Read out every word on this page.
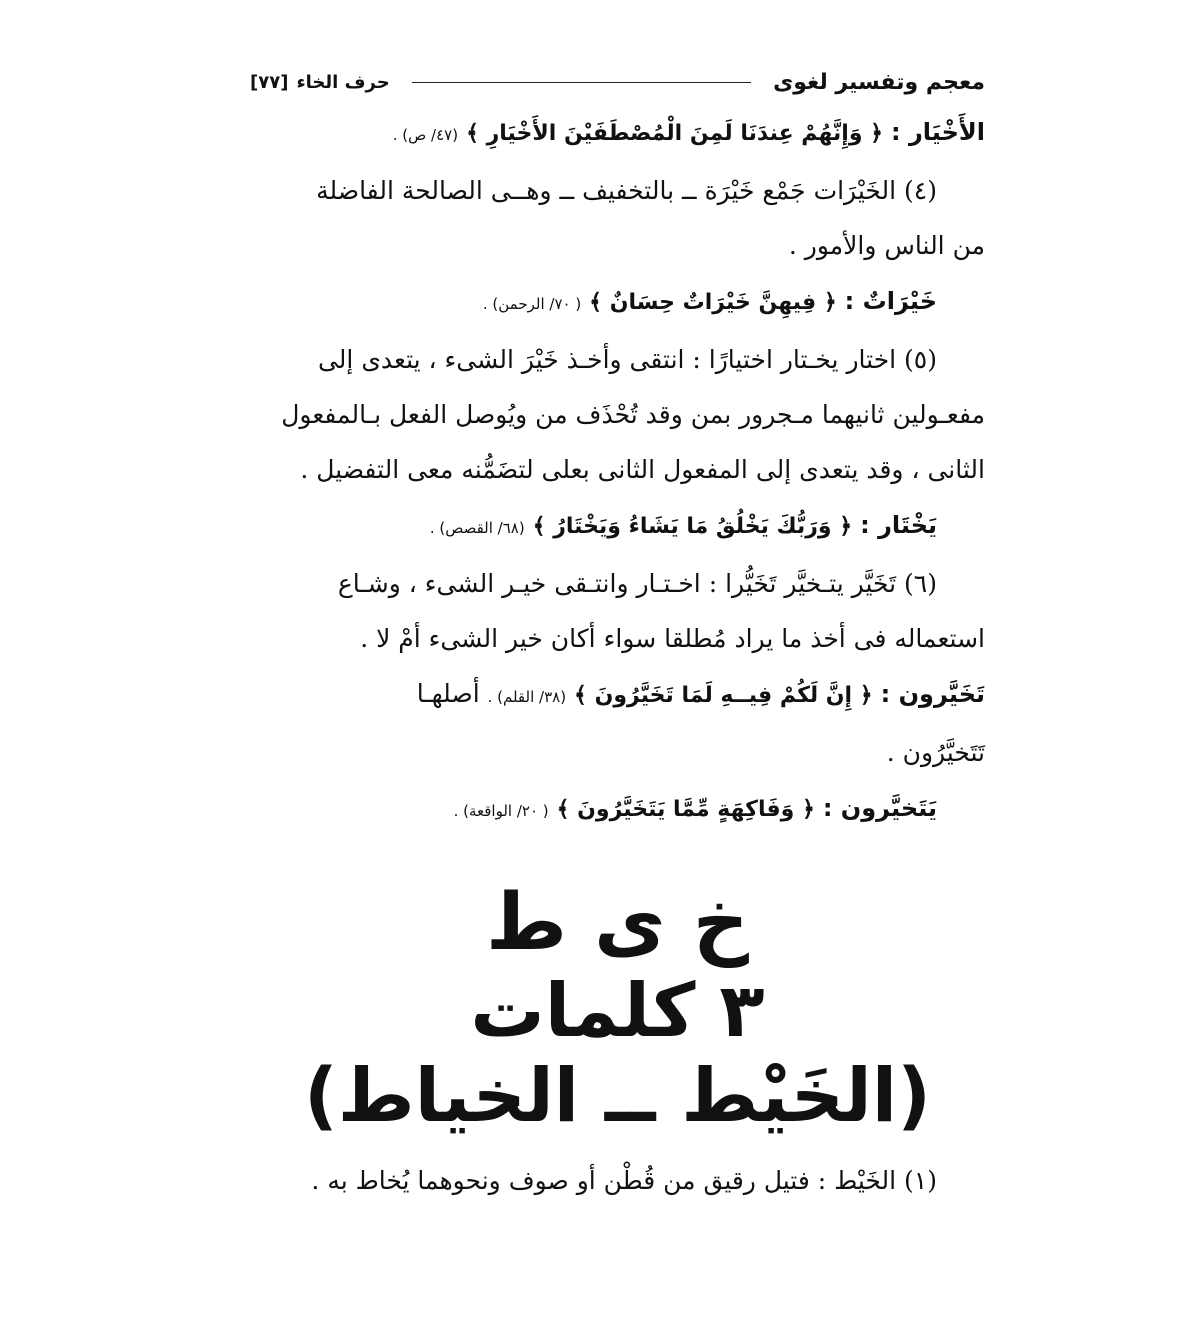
معجم وتفسير لغوى
حرف الخاء
[٧٧]

الأَخْيَار : ﴿ وَإِنَّهُمْ عِندَنَا لَمِنَ الْمُصْطَفَيْنَ الأَخْيَارِ ﴾ (٤٧/ ص) .

(٤) الخَيْرَات جَمْع خَيْرَة ــ بالتخفيف ــ وهــى الصالحة الفاضلة

من الناس والأمور .

خَيْرَاتٌ : ﴿ فِيهِنَّ خَيْرَاتٌ حِسَانٌ ﴾ ( ٧٠/ الرحمن) .

(٥) اختار يخـتار اختيارًا : انتقى وأخـذ خَيْرَ الشىء ، يتعدى إلى

مفعـولين ثانيهما مـجرور بمن وقد تُحْذَف من ويُوصل الفعل بـالمفعول

الثانى ، وقد يتعدى إلى المفعول الثانى بعلى لتضَمُّنه معى التفضيل .

يَخْتَار : ﴿ وَرَبُّكَ يَخْلُقُ مَا يَشَاءُ وَيَخْتَارُ ﴾ (٦٨/ القصص) .

(٦) تَخَيَّر يتـخيَّر تَخَيُّرا : اخـتـار وانتـقى خيـر الشىء ، وشـاع

استعماله فى أخذ ما يراد مُطلقا سواء أكان خير الشىء أمْ لا .

تَخَيَّرون : ﴿ إِنَّ لَكُمْ فِيــهِ لَمَا تَخَيَّرُونَ ﴾ (٣٨/ القلم) . أصلهـا

تَتَخيَّرُون .

يَتَخيَّرون : ﴿ وَفَاكِهَةٍ مِّمَّا يَتَخَيَّرُونَ ﴾ ( ٢٠/ الواقعة) .

خ ى ط
٣
كلمات
(الخَيْط ــ الخياط)

(١) الخَيْط : فتيل رقيق من قُطْن أو صوف ونحوهما يُخاط به .
